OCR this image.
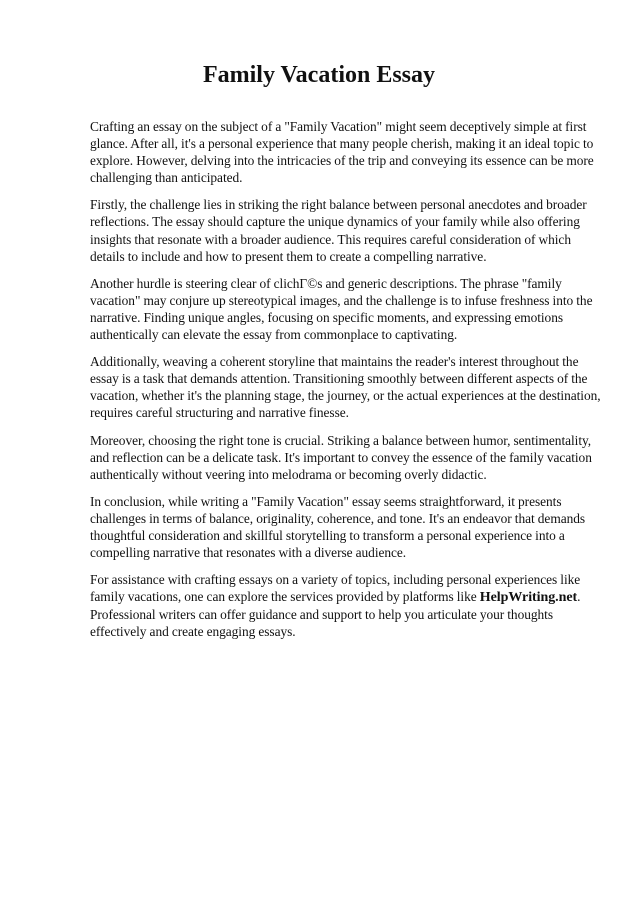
Family Vacation Essay

Crafting an essay on the subject of a "Family Vacation" might seem deceptively simple at first glance. After all, it's a personal experience that many people cherish, making it an ideal topic to explore. However, delving into the intricacies of the trip and conveying its essence can be more challenging than anticipated.

Firstly, the challenge lies in striking the right balance between personal anecdotes and broader reflections. The essay should capture the unique dynamics of your family while also offering insights that resonate with a broader audience. This requires careful consideration of which details to include and how to present them to create a compelling narrative.

Another hurdle is steering clear of clichГ©s and generic descriptions. The phrase "family vacation" may conjure up stereotypical images, and the challenge is to infuse freshness into the narrative. Finding unique angles, focusing on specific moments, and expressing emotions authentically can elevate the essay from commonplace to captivating.

Additionally, weaving a coherent storyline that maintains the reader's interest throughout the essay is a task that demands attention. Transitioning smoothly between different aspects of the vacation, whether it's the planning stage, the journey, or the actual experiences at the destination, requires careful structuring and narrative finesse.

Moreover, choosing the right tone is crucial. Striking a balance between humor, sentimentality, and reflection can be a delicate task. It's important to convey the essence of the family vacation authentically without veering into melodrama or becoming overly didactic.

In conclusion, while writing a "Family Vacation" essay seems straightforward, it presents challenges in terms of balance, originality, coherence, and tone. It's an endeavor that demands thoughtful consideration and skillful storytelling to transform a personal experience into a compelling narrative that resonates with a diverse audience.

For assistance with crafting essays on a variety of topics, including personal experiences like family vacations, one can explore the services provided by platforms like HelpWriting.net. Professional writers can offer guidance and support to help you articulate your thoughts effectively and create engaging essays.
